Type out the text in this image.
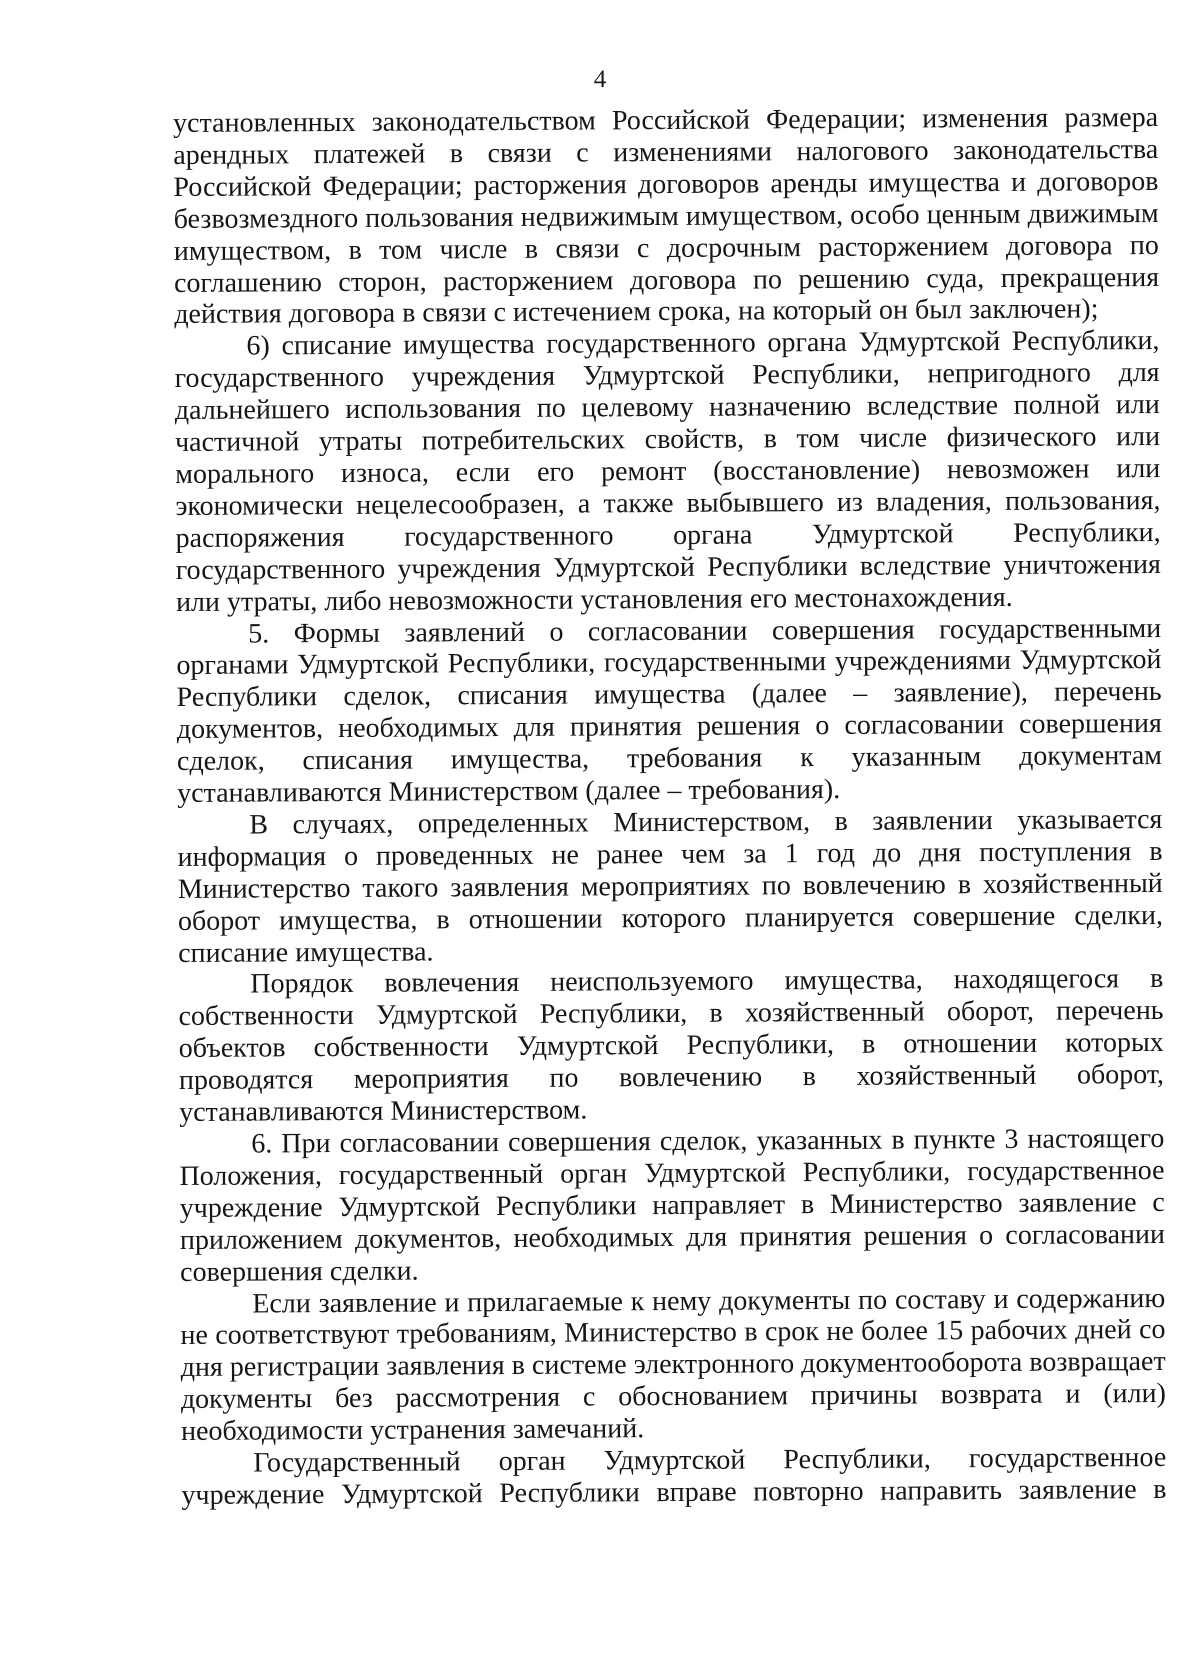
4

установленных законодательством Российской Федерации; изменения размера арендных платежей в связи с изменениями налогового законодательства Российской Федерации; расторжения договоров аренды имущества и договоров безвозмездного пользования недвижимым имуществом, особо ценным движимым имуществом, в том числе в связи с досрочным расторжением договора по соглашению сторон, расторжением договора по решению суда, прекращения действия договора в связи с истечением срока, на который он был заключен);

6) списание имущества государственного органа Удмуртской Республики, государственного учреждения Удмуртской Республики, непригодного для дальнейшего использования по целевому назначению вследствие полной или частичной утраты потребительских свойств, в том числе физического или морального износа, если его ремонт (восстановление) невозможен или экономически нецелесообразен, а также выбывшего из владения, пользования, распоряжения государственного органа Удмуртской Республики, государственного учреждения Удмуртской Республики вследствие уничтожения или утраты, либо невозможности установления его местонахождения.

5. Формы заявлений о согласовании совершения государственными органами Удмуртской Республики, государственными учреждениями Удмуртской Республики сделок, списания имущества (далее – заявление), перечень документов, необходимых для принятия решения о согласовании совершения сделок, списания имущества, требования к указанным документам устанавливаются Министерством (далее – требования).

В случаях, определенных Министерством, в заявлении указывается информация о проведенных не ранее чем за 1 год до дня поступления в Министерство такого заявления мероприятиях по вовлечению в хозяйственный оборот имущества, в отношении которого планируется совершение сделки, списание имущества.

Порядок вовлечения неиспользуемого имущества, находящегося в собственности Удмуртской Республики, в хозяйственный оборот, перечень объектов собственности Удмуртской Республики, в отношении которых проводятся мероприятия по вовлечению в хозяйственный оборот, устанавливаются Министерством.

6. При согласовании совершения сделок, указанных в пункте 3 настоящего Положения, государственный орган Удмуртской Республики, государственное учреждение Удмуртской Республики направляет в Министерство заявление с приложением документов, необходимых для принятия решения о согласовании совершения сделки.

Если заявление и прилагаемые к нему документы по составу и содержанию не соответствуют требованиям, Министерство в срок не более 15 рабочих дней со дня регистрации заявления в системе электронного документооборота возвращает документы без рассмотрения с обоснованием причины возврата и (или) необходимости устранения замечаний.

Государственный орган Удмуртской Республики, государственное учреждение Удмуртской Республики вправе повторно направить заявление в
